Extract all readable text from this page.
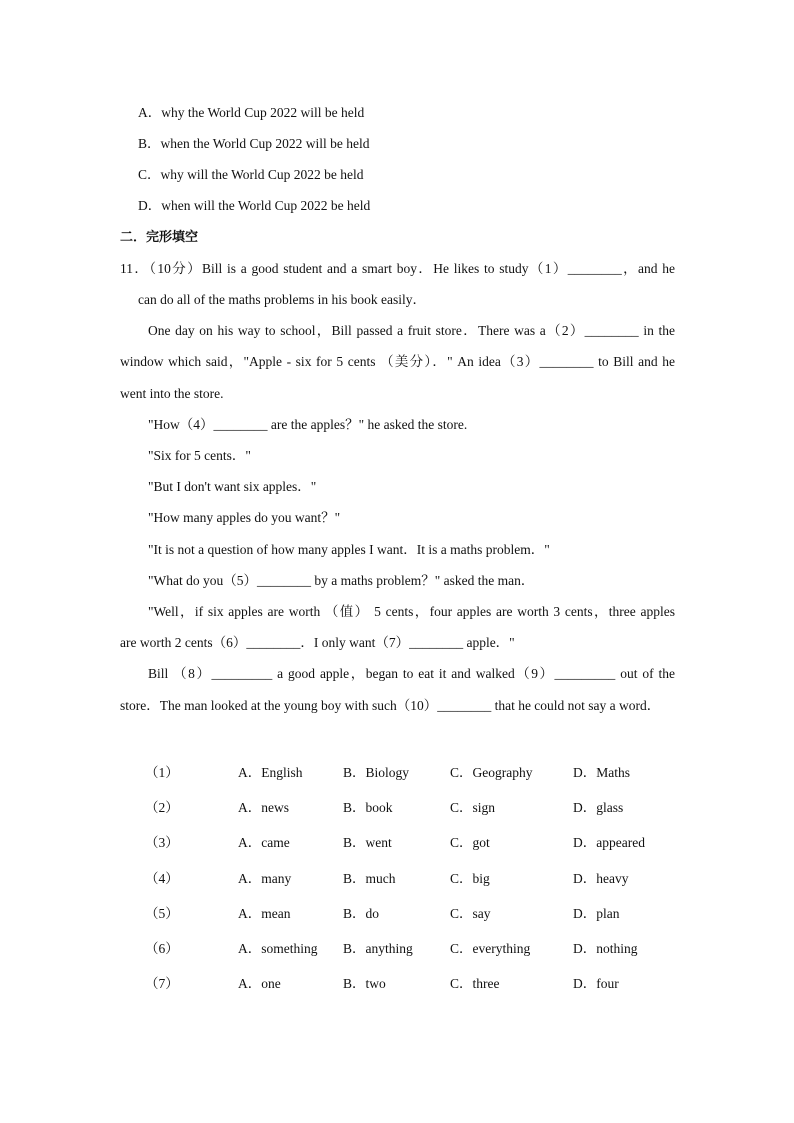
A．why the World Cup 2022 will be held
B．when the World Cup 2022 will be held
C．why will the World Cup 2022 be held
D．when will the World Cup 2022 be held
二．完形填空
11．（10分）Bill is a good student and a smart boy．He likes to study（1）________，and he
can do all of the maths problems in his book easily．
One day on his way to school，Bill passed a fruit store．There was a（2）________ in the
window which said，"Apple - six for 5 cents （美分）．" An idea（3）________ to Bill and he
went into the store.
"How（4）________ are the apples？" he asked the store.
"Six for 5 cents．"
"But I don't want six apples．"
"How many apples do you want？"
"It is not a question of how many apples I want．It is a maths problem．"
"What do you（5）________ by a maths problem？" asked the man．
"Well，if six apples are worth （值） 5 cents，four apples are worth 3 cents，three apples
are worth 2 cents（6）________．I only want（7）________ apple．"
Bill （8）_________ a good apple，began to eat it and walked（9）_________ out of the
store．The man looked at the young boy with such（10）________ that he could not say a word．
（1）	A．English	B．Biology	C．Geography	D．Maths
（2）	A．news	B．book	C．sign	D．glass
（3）	A．came	B．went	C．got	D．appeared
（4）	A．many	B．much	C．big	D．heavy
（5）	A．mean	B．do	C．say	D．plan
（6）	A．something B．anything	C．everything	D．nothing
（7）	A．one	B．two	C．three	D．four
